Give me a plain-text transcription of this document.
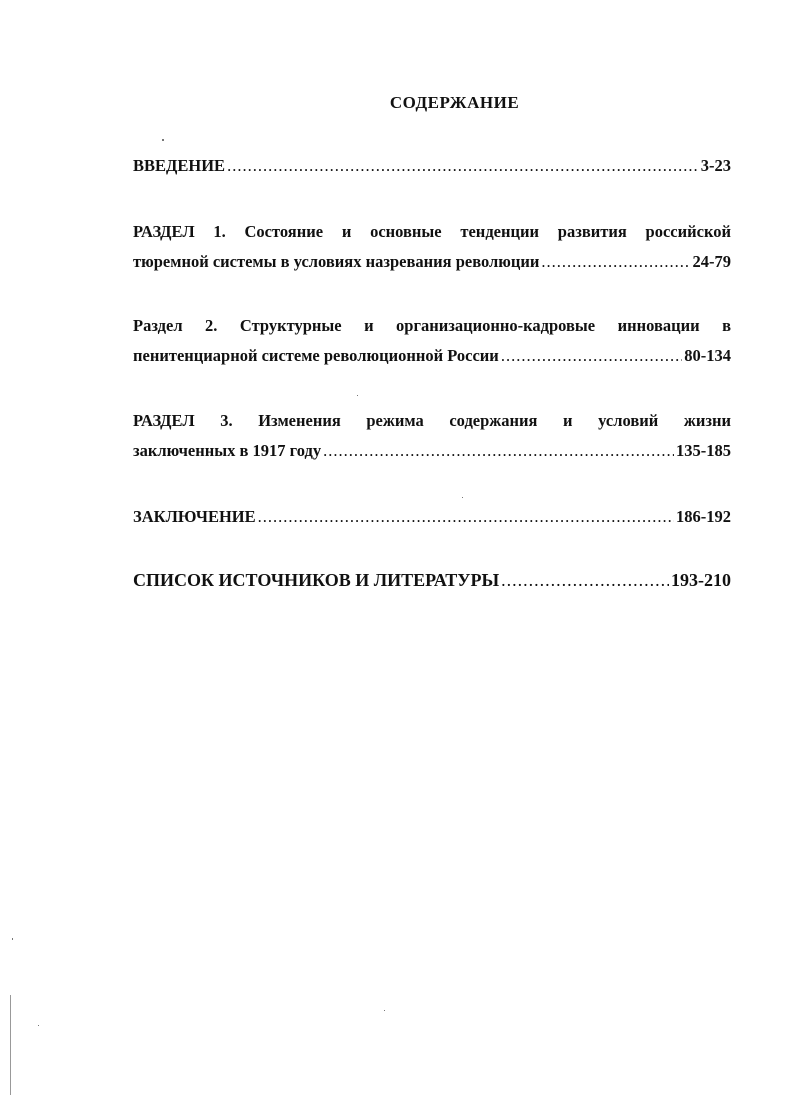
СОДЕРЖАНИЕ
ВВЕДЕНИЕ .....	3-23
РАЗДЕЛ 1. Состояние и основные тенденции развития российской
тюремной системы в условиях назревания революции .....	24-79
Раздел 2. Структурные и организационно-кадровые инновации в
пенитенциарной системе революционной России .....	80-134
РАЗДЕЛ 3. Изменения режима содержания и условий жизни
заключенных в 1917 году .....	135-185
ЗАКЛЮЧЕНИЕ .....	186-192
СПИСОК ИСТОЧНИКОВ И ЛИТЕРАТУРЫ .....	193-210
